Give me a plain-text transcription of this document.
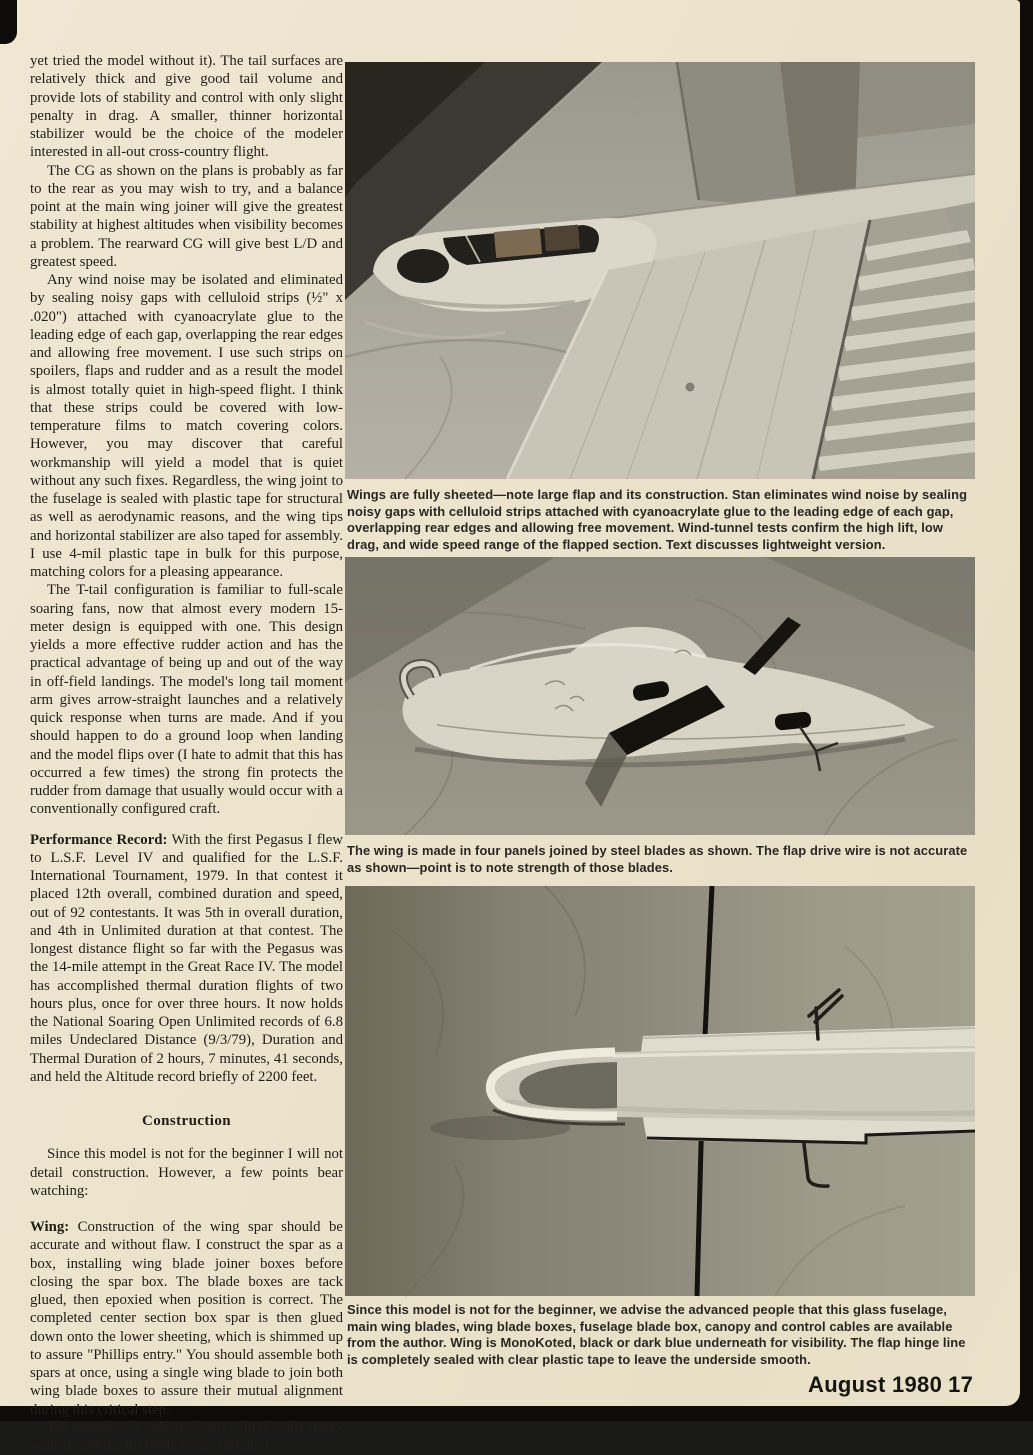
yet tried the model without it). The tail surfaces are relatively thick and give good tail volume and provide lots of stability and control with only slight penalty in drag. A smaller, thinner horizontal stabilizer would be the choice of the modeler interested in all-out cross-country flight.

The CG as shown on the plans is probably as far to the rear as you may wish to try, and a balance point at the main wing joiner will give the greatest stability at highest altitudes when visibility becomes a problem. The rearward CG will give best L/D and greatest speed.

Any wind noise may be isolated and eliminated by sealing noisy gaps with celluloid strips (½" x .020") attached with cyanoacrylate glue to the leading edge of each gap, overlapping the rear edges and allowing free movement. I use such strips on spoilers, flaps and rudder and as a result the model is almost totally quiet in high-speed flight. I think that these strips could be covered with low-temperature films to match covering colors. However, you may discover that careful workmanship will yield a model that is quiet without any such fixes. Regardless, the wing joint to the fuselage is sealed with plastic tape for structural as well as aerodynamic reasons, and the wing tips and horizontal stabilizer are also taped for assembly. I use 4-mil plastic tape in bulk for this purpose, matching colors for a pleasing appearance.

The T-tail configuration is familiar to full-scale soaring fans, now that almost every modern 15-meter design is equipped with one. This design yields a more effective rudder action and has the practical advantage of being up and out of the way in off-field landings. The model's long tail moment arm gives arrow-straight launches and a relatively quick response when turns are made. And if you should happen to do a ground loop when landing and the model flips over (I hate to admit that this has occurred a few times) the strong fin protects the rudder from damage that usually would occur with a conventionally configured craft.

Performance Record: With the first Pegasus I flew to L.S.F. Level IV and qualified for the L.S.F. International Tournament, 1979. In that contest it placed 12th overall, combined duration and speed, out of 92 contestants. It was 5th in overall duration, and 4th in Unlimited duration at that contest. The longest distance flight so far with the Pegasus was the 14-mile attempt in the Great Race IV. The model has accomplished thermal duration flights of two hours plus, once for over three hours. It now holds the National Soaring Open Unlimited records of 6.8 miles Undeclared Distance (9/3/79), Duration and Thermal Duration of 2 hours, 7 minutes, 41 seconds, and held the Altitude record briefly of 2200 feet.

Construction

Since this model is not for the beginner I will not detail construction. However, a few points bear watching:

Wing: Construction of the wing spar should be accurate and without flaw. I construct the spar as a box, installing wing blade joiner boxes before closing the spar box. The blade boxes are tack glued, then epoxied when position is correct. The completed center section box spar is then glued down onto the lower sheeting, which is shimmed up to assure "Phillips entry." You should assemble both spars at once, using a single wing blade to join both wing blade boxes to assure their mutual alignment during this critical step.

Tip assembly is conventional, with the ribs stack-sanded, and the tip blade boxes installed

Wings are fully sheeted—note large flap and its construction. Stan eliminates wind noise by sealing noisy gaps with celluloid strips attached with cyanoacrylate glue to the leading edge of each gap, overlapping rear edges and allowing free movement. Wind-tunnel tests confirm the high lift, low drag, and wide speed range of the flapped section. Text discusses lightweight version.
The wing is made in four panels joined by steel blades as shown. The flap drive wire is not accurate as shown—point is to note strength of those blades.
Since this model is not for the beginner, we advise the advanced people that this glass fuselage, main wing blades, wing blade boxes, fuselage blade box, canopy and control cables are available from the author. Wing is MonoKoted, black or dark blue underneath for visibility. The flap hinge line is completely sealed with clear plastic tape to leave the underside smooth.
August 1980 17
